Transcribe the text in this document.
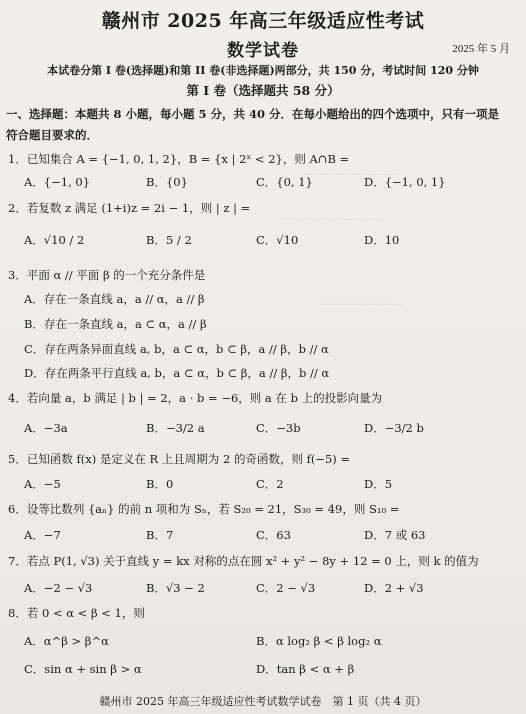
·······························
·································
··························
赣州市 2025 年高三年级适应性考试
数学试卷	2025 年 5 月
本试卷分第 I 卷(选择题)和第 II 卷(非选择题)两部分，共 150 分，考试时间 120 分钟
第 I 卷（选择题共 58 分）
一、选择题：本题共 8 小题，每小题 5 分，共 40 分．在每小题给出的四个选项中，只有一项是符合题目要求的．
1．已知集合 A = {−1, 0, 1, 2}，B = {x | 2ˣ < 2}，则 A∩B =
A．{−1, 0}	B．{0}	C．{0, 1}	D．{−1, 0, 1}
2．若复数 z 满足 (1+i)z = 2i − 1，则 | z | =
A．√10 / 2	B．5 / 2	C．√10	D．10
3．平面 α // 平面 β 的一个充分条件是
A．存在一条直线 a，a // α，a // β
B．存在一条直线 a，a ⊂ α，a // β
C．存在两条异面直线 a, b，a ⊂ α，b ⊂ β，a // β，b // α
D．存在两条平行直线 a, b，a ⊂ α，b ⊂ β，a // β，b // α
4．若向量 a，b 满足 | b | = 2，a · b = −6，则 a 在 b 上的投影向量为
A．−3a	B．−3/2 a	C．−3b	D．−3/2 b
5．已知函数 f(x) 是定义在 R 上且周期为 2 的奇函数，则 f(−5) =
A．−5	B．0	C．2	D．5
6．设等比数列 {aₙ} 的前 n 项和为 Sₙ，若 S₂₀ = 21，S₃₀ = 49，则 S₁₀ =
A．−7	B．7	C．63	D．7 或 63
7．若点 P(1, √3) 关于直线 y = kx 对称的点在圆 x² + y² − 8y + 12 = 0 上，则 k 的值为
A．−2 − √3	B．√3 − 2	C．2 − √3	D．2 + √3
8．若 0 < α < β < 1，则
A．α^β > β^α	B．α log₂ β < β log₂ α
C．sin α + sin β > α	D．tan β < α + β
赣州市 2025 年高三年级适应性考试数学试卷　第 1 页（共 4 页）
